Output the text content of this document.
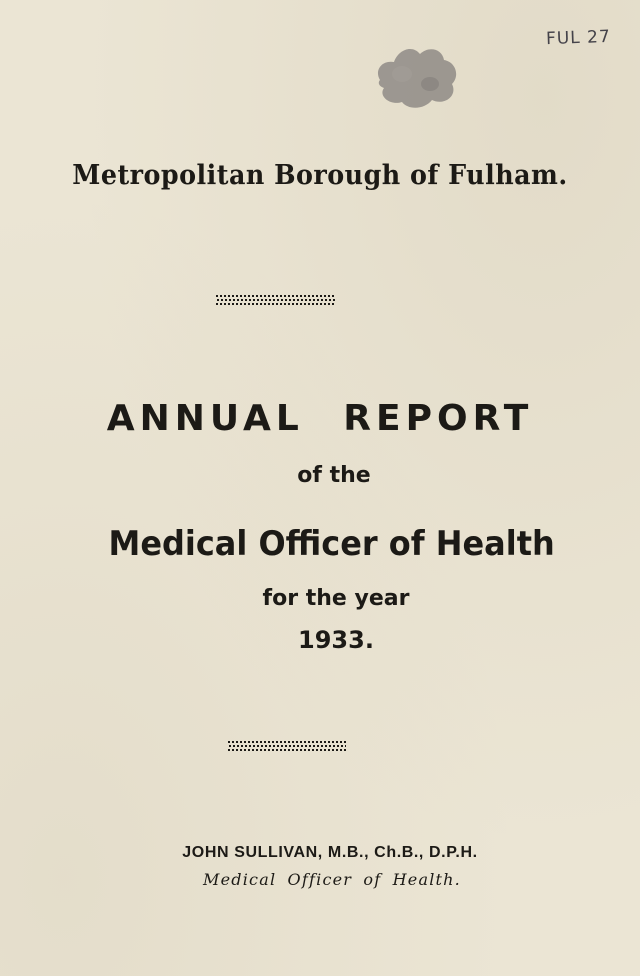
FUL 27
Metropolitan Borough of Fulham.
ANNUAL REPORT
of the
Medical Officer of Health
for the year
1933.
JOHN SULLIVAN, M.B., Ch.B., D.P.H.
Medical Officer of Health.
